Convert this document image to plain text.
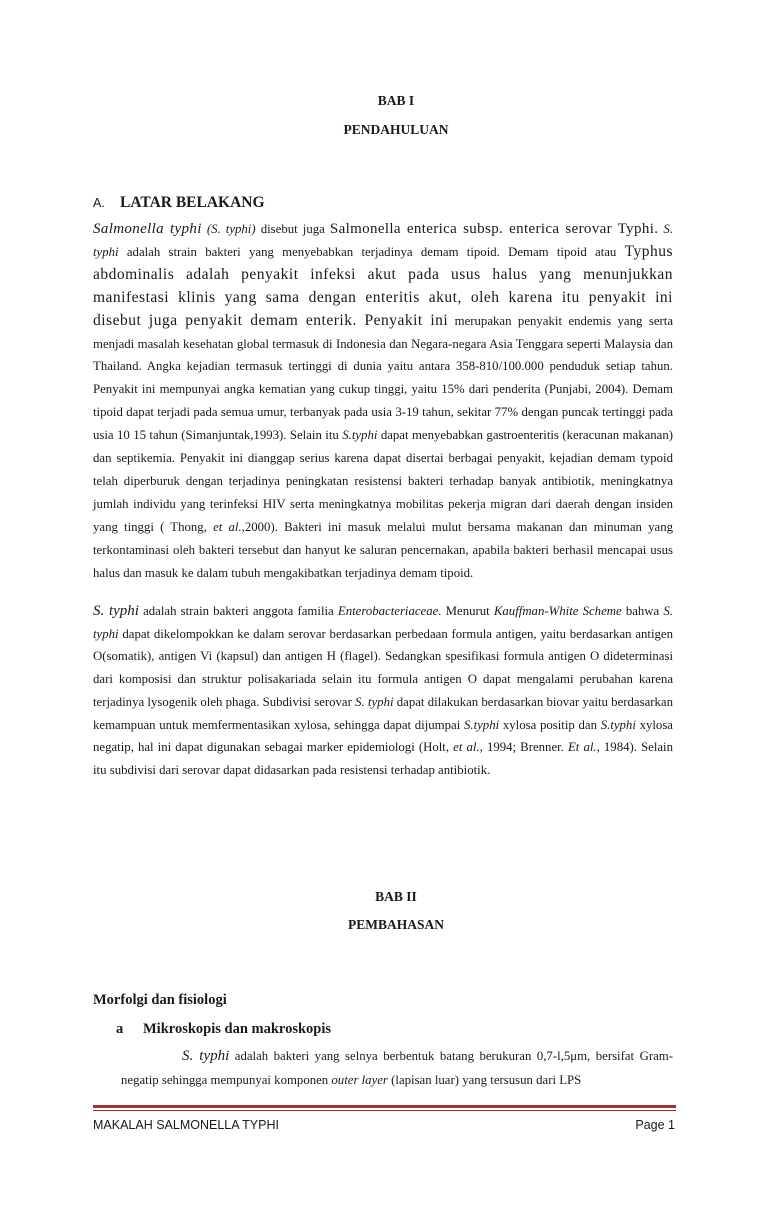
BAB I
PENDAHULUAN
A. LATAR BELAKANG
Salmonella typhi (S. typhi) disebut juga Salmonella enterica subsp. enterica serovar Typhi. S. typhi adalah strain bakteri yang menyebabkan terjadinya demam tipoid. Demam tipoid atau Typhus abdominalis adalah penyakit infeksi akut pada usus halus yang menunjukkan manifestasi klinis yang sama dengan enteritis akut, oleh karena itu penyakit ini disebut juga penyakit demam enterik. Penyakit ini merupakan penyakit endemis yang serta menjadi masalah kesehatan global termasuk di Indonesia dan Negara-negara Asia Tenggara seperti Malaysia dan Thailand. Angka kejadian termasuk tertinggi di dunia yaitu antara 358-810/100.000 penduduk setiap tahun. Penyakit ini mempunyai angka kematian yang cukup tinggi, yaitu 15% dari penderita (Punjabi, 2004). Demam tipoid dapat terjadi pada semua umur, terbanyak pada usia 3-19 tahun, sekitar 77% dengan puncak tertinggi pada usia 10 15 tahun (Simanjuntak,1993). Selain itu S.typhi dapat menyebabkan gastroenteritis (keracunan makanan) dan septikemia. Penyakit ini dianggap serius karena dapat disertai berbagai penyakit, kejadian demam typoid telah diperburuk dengan terjadinya peningkatan resistensi bakteri terhadap banyak antibiotik, meningkatnya jumlah individu yang terinfeksi HIV serta meningkatnya mobilitas pekerja migran dari daerah dengan insiden yang tinggi ( Thong, et al.,2000). Bakteri ini masuk melalui mulut bersama makanan dan minuman yang terkontaminasi oleh bakteri tersebut dan hanyut ke saluran pencernakan, apabila bakteri berhasil mencapai usus halus dan masuk ke dalam tubuh mengakibatkan terjadinya demam tipoid.
S. typhi adalah strain bakteri anggota familia Enterobacteriaceae. Menurut Kauffman-White Scheme bahwa S. typhi dapat dikelompokkan ke dalam serovar berdasarkan perbedaan formula antigen, yaitu berdasarkan antigen O(somatik), antigen Vi (kapsul) dan antigen H (flagel). Sedangkan spesifikasi formula antigen O dideterminasi dari komposisi dan struktur polisakariada selain itu formula antigen O dapat mengalami perubahan karena terjadinya lysogenik oleh phaga. Subdivisi serovar S. typhi dapat dilakukan berdasarkan biovar yaitu berdasarkan kemampuan untuk memfermentasikan xylosa, sehingga dapat dijumpai S.typhi xylosa positip dan S.typhi xylosa negatip, hal ini dapat digunakan sebagai marker epidemiologi (Holt, et al., 1994; Brenner. Et al., 1984). Selain itu subdivisi dari serovar dapat didasarkan pada resistensi terhadap antibiotik.
BAB II
PEMBAHASAN
Morfolgi dan fisiologi
a Mikroskopis dan makroskopis
S. typhi adalah bakteri yang selnya berbentuk batang berukuran 0,7-l,5μm, bersifat Gram-negatip sehingga mempunyai komponen outer layer (lapisan luar) yang tersusun dari LPS
MAKALAH SALMONELLA TYPHI	Page 1
